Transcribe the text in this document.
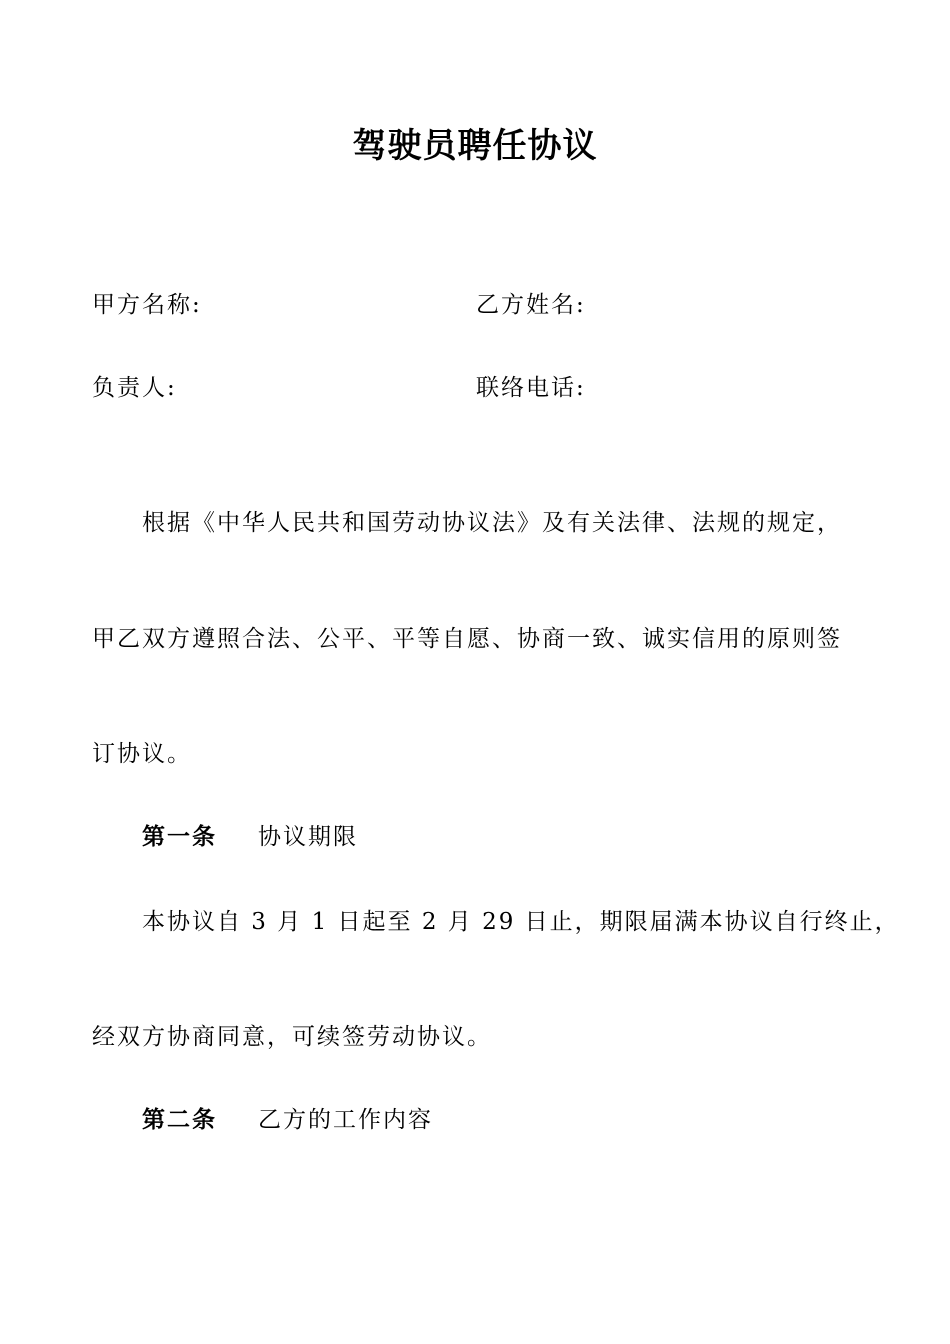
驾驶员聘任协议
甲方名称:	乙方姓名:
负责人:	联络电话:
根据《中华人民共和国劳动协议法》及有关法律、法规的规定，
甲乙双方遵照合法、公平、平等自愿、协商一致、诚实信用的原则签
订协议。
第一条 协议期限
本协议自 3 月 1 日起至 2 月 29 日止，期限届满本协议自行终止，
经双方协商同意，可续签劳动协议。
第二条 乙方的工作内容
